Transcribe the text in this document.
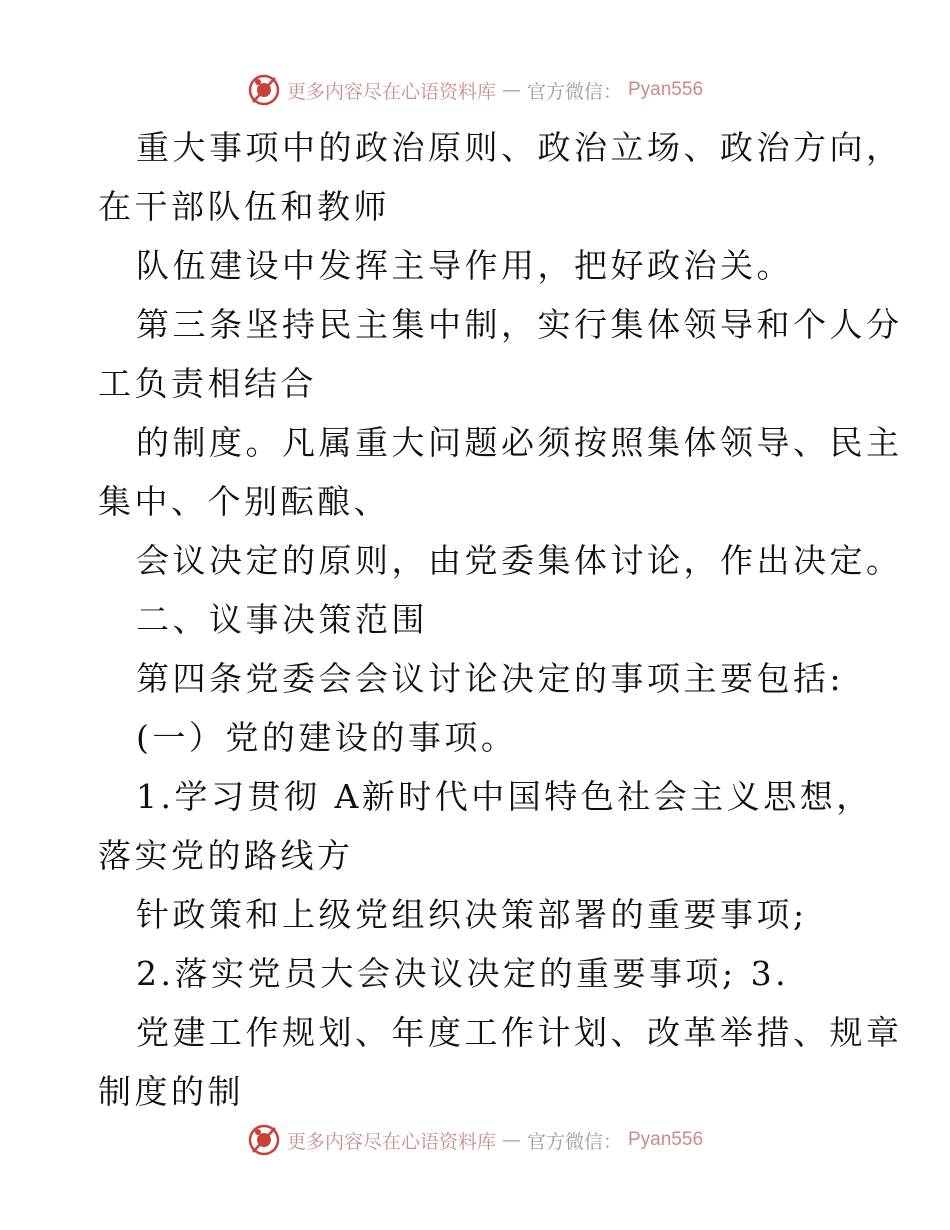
更多内容尽在心语资料库 — 官方微信： Pyan556

重大事项中的政治原则、政治立场、政治方向，
在干部队伍和教师

队伍建设中发挥主导作用，把好政治关。

第三条坚持民主集中制，实行集体领导和个人分
工负责相结合

的制度。凡属重大问题必须按照集体领导、民主
集中、个别酝酿、

会议决定的原则，由党委集体讨论，作出决定。

二、议事决策范围

第四条党委会会议讨论决定的事项主要包括:

(一）党的建设的事项。

1.学习贯彻 A新时代中国特色社会主义思想，
落实党的路线方

针政策和上级党组织决策部署的重要事项;

2.落实党员大会决议决定的重要事项; 3.

党建工作规划、年度工作计划、改革举措、规章
制度的制

更多内容尽在心语资料库 — 官方微信： Pyan556
